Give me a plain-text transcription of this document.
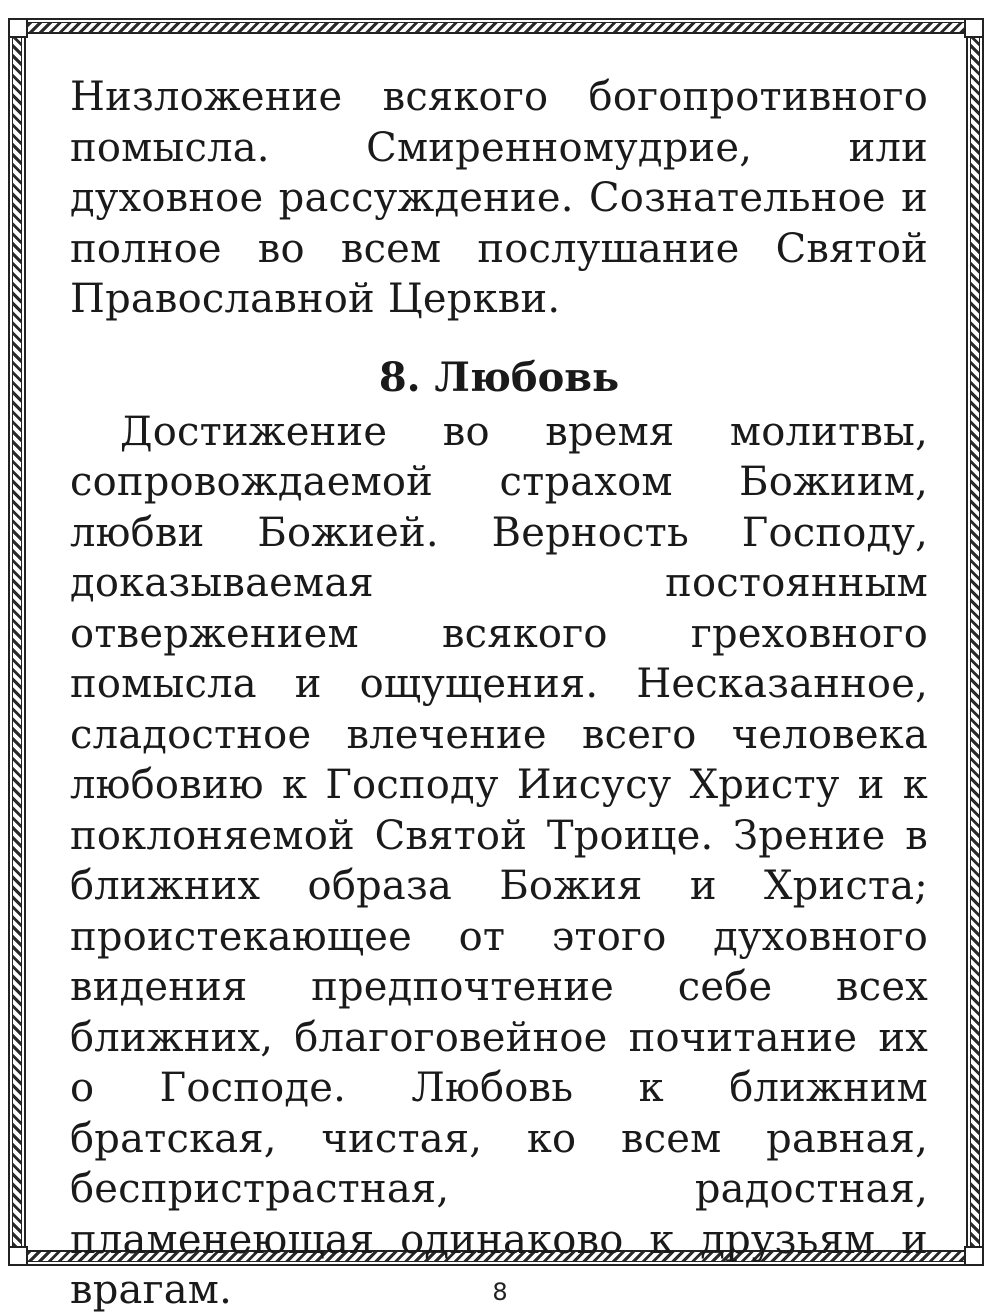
Низложение всякого богопротивного помысла. Смиренномудрие, или духовное рассуждение. Сознательное и полное во всем послушание Святой Православной Церкви.

8. Любовь

Достижение во время молитвы, сопровождаемой страхом Божиим, любви Божией. Верность Господу, доказываемая постоянным отвержением всякого греховного помысла и ощущения. Несказанное, сладостное влечение всего человека любовию к Господу Иисусу Христу и к поклоняемой Святой Троице. Зрение в ближних образа Божия и Христа; проистекающее от этого духовного видения предпочтение себе всех ближних, благоговейное почитание их о Господе. Любовь к ближним братская, чистая, ко всем равная, беспристрастная, радостная, пламенеющая одинаково к друзьям и врагам.	8
